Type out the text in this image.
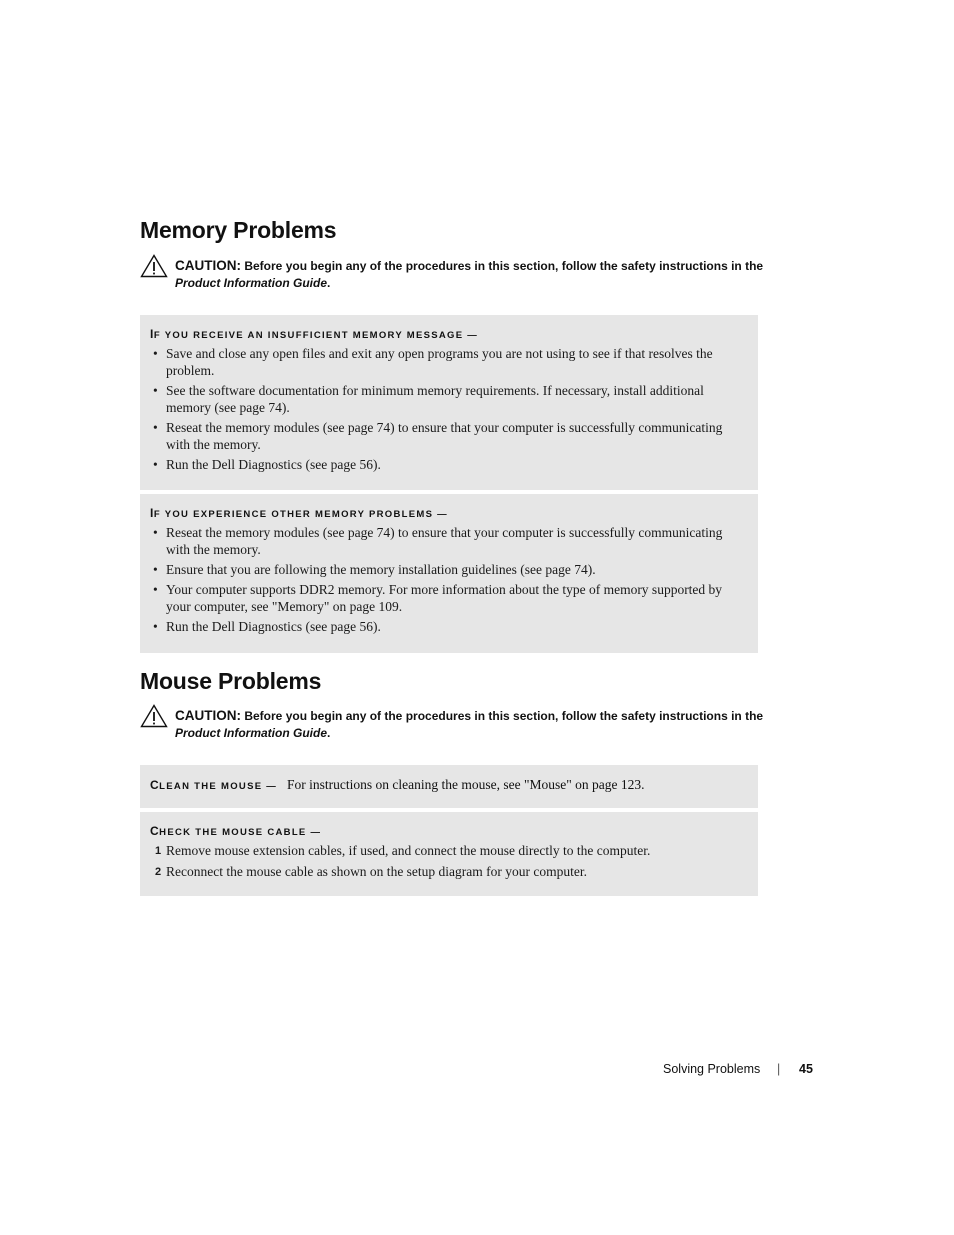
Memory Problems
CAUTION: Before you begin any of the procedures in this section, follow the safety instructions in the
Product Information Guide.
IF YOU RECEIVE AN INSUFFICIENT MEMORY MESSAGE —
• Save and close any open files and exit any open programs you are not using to see if that resolves the problem.
• See the software documentation for minimum memory requirements. If necessary, install additional memory (see page 74).
• Reseat the memory modules (see page 74) to ensure that your computer is successfully communicating with the memory.
• Run the Dell Diagnostics (see page 56).
IF YOU EXPERIENCE OTHER MEMORY PROBLEMS —
• Reseat the memory modules (see page 74) to ensure that your computer is successfully communicating with the memory.
• Ensure that you are following the memory installation guidelines (see page 74).
• Your computer supports DDR2 memory. For more information about the type of memory supported by your computer, see "Memory" on page 109.
• Run the Dell Diagnostics (see page 56).
Mouse Problems
CAUTION: Before you begin any of the procedures in this section, follow the safety instructions in the
Product Information Guide.
CLEAN THE MOUSE — For instructions on cleaning the mouse, see "Mouse" on page 123.
CHECK THE MOUSE CABLE —
1 Remove mouse extension cables, if used, and connect the mouse directly to the computer.
2 Reconnect the mouse cable as shown on the setup diagram for your computer.
Solving Problems | 45
